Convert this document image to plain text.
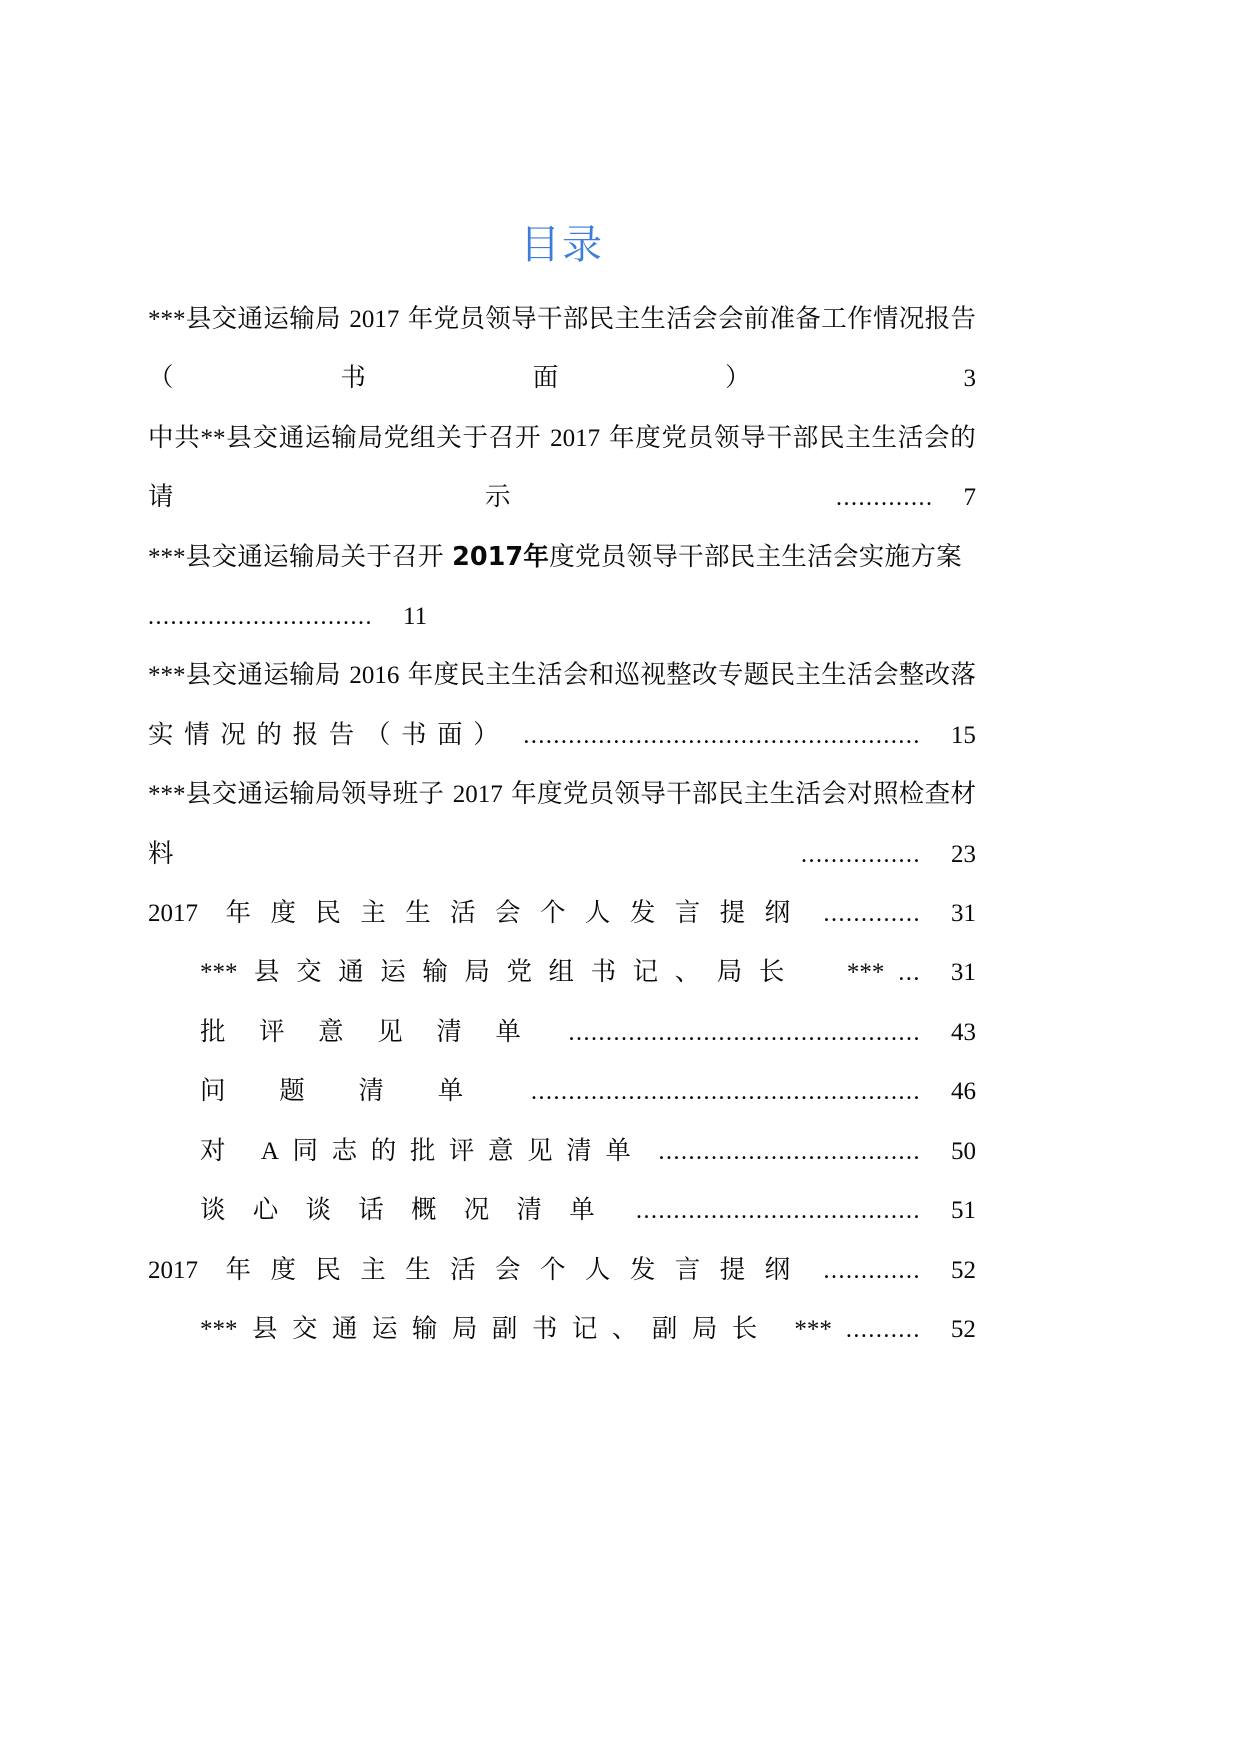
目录
***县交通运输局 2017 年党员领导干部民主生活会会前准备工作情况报告（书面） 3
中共**县交通运输局党组关于召开 2017 年度党员领导干部民主生活会的请示 ............. 7
***县交通运输局关于召开 2017年度党员领导干部民主生活会实施方案.............................. 11
***县交通运输局 2016 年度民主生活会和巡视整改专题民主生活会整改落实情况的报告（书面） ..................................................... 15
***县交通运输局领导班子 2017 年度党员领导干部民主生活会对照检查材料 ................ 23
2017 年度民主生活会个人发言提纲 ............. 31
***县交通运输局党组书记、局长 *** ... 31
批评意见清单 ............................................... 43
问题清单 .................................................... 46
对 A同志的批评意见清单 ................................... 50
谈心谈话概况清单 ...................................... 51
2017 年度民主生活会个人发言提纲 ............. 52
***县交通运输局副书记、副局长 *** .......... 52
